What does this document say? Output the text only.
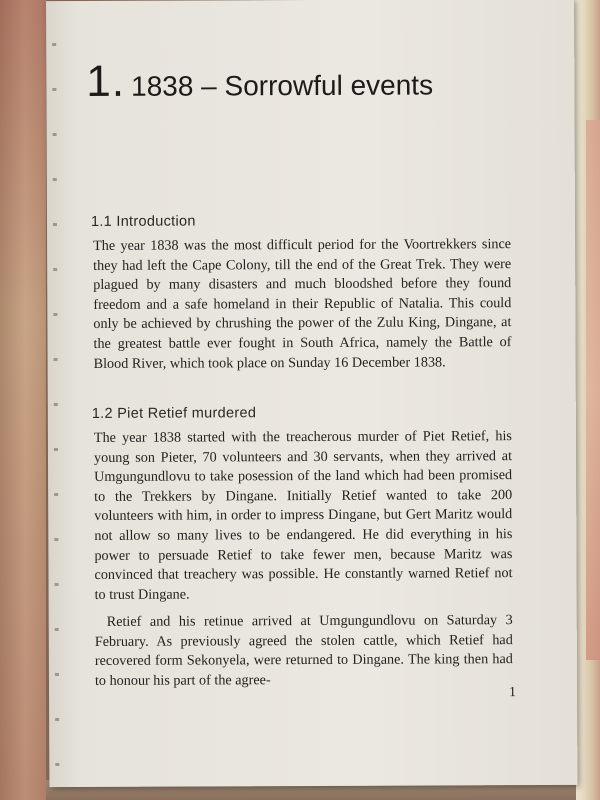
1. 1838 – Sorrowful events
1.1 Introduction

The year 1838 was the most difficult period for the Voortrekkers since they had left the Cape Colony, till the end of the Great Trek. They were plagued by many disasters and much bloodshed before they found freedom and a safe homeland in their Republic of Natalia. This could only be achieved by chrushing the power of the Zulu King, Dingane, at the greatest battle ever fought in South Africa, namely the Battle of Blood River, which took place on Sunday 16 December 1838.

1.2 Piet Retief murdered

The year 1838 started with the treacherous murder of Piet Retief, his young son Pieter, 70 volunteers and 30 servants, when they arrived at Umgungundlovu to take posession of the land which had been promised to the Trekkers by Dingane. Initially Retief wanted to take 200 volunteers with him, in order to impress Dingane, but Gert Maritz would not allow so many lives to be endangered. He did everything in his power to persuade Retief to take fewer men, because Maritz was convinced that treachery was possible. He constantly warned Retief not to trust Dingane.

Retief and his retinue arrived at Umgungundlovu on Saturday 3 February. As previously agreed the stolen cattle, which Retief had recovered form Sekonyela, were returned to Dingane. The king then had to honour his part of the agree-

1
